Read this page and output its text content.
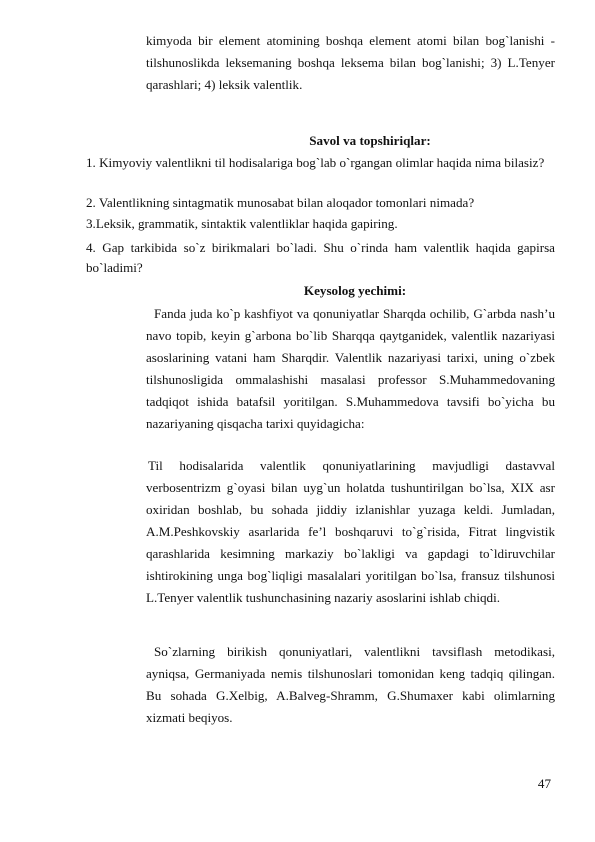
kimyoda bir element atomining boshqa element atomi bilan bog`lanishi - tilshunoslikda leksemaning boshqa leksema bilan bog`lanishi; 3) L.Tenyer qarashlari; 4) leksik valentlik.
Savol va topshiriqlar:
1. Kimyoviy valentlikni til hodisalariga bog`lab o`rgangan olimlar haqida nima bilasiz?
2. Valentlikning sintagmatik munosabat bilan aloqador tomonlari nimada?
3.Leksik, grammatik, sintaktik valentliklar haqida gapiring.
4. Gap tarkibida so`z birikmalari bo`ladi. Shu o`rinda ham valentlik haqida gapirsa bo`ladimi?
Keysolog yechimi:
Fanda juda ko`p kashfiyot va qonuniyatlar Sharqda ochilib, G`arbda nash’u navo topib, keyin g`arbona bo`lib Sharqqa qaytganidek, valentlik nazariyasi asoslarining vatani ham Sharqdir. Valentlik nazariyasi tarixi, uning o`zbek tilshunosligida ommalashishi masalasi professor S.Muhammedovaning tadqiqot ishida batafsil yoritilgan. S.Muhammedova tavsifi bo`yicha bu nazariyaning qisqacha tarixi quyidagicha:
Til hodisalarida valentlik qonuniyatlarining mavjudligi dastavval verbosentrizm g`oyasi bilan uyg`un holatda tushuntirilgan bo`lsa, XIX asr oxiridan boshlab, bu sohada jiddiy izlanishlar yuzaga keldi. Jumladan, A.M.Peshkovskiy asarlarida fe’l boshqaruvi to`g`risida, Fitrat lingvistik qarashlarida kesimning markaziy bo`lakligi va gapdagi to`ldiruvchilar ishtirokining unga bog`liqligi masalalari yoritilgan bo`lsa, fransuz tilshunosi L.Tenyer valentlik tushunchasining nazariy asoslarini ishlab chiqdi.
So`zlarning birikish qonuniyatlari, valentlikni tavsiflash metodikasi, ayniqsa, Germaniyada nemis tilshunoslari tomonidan keng tadqiq qilingan. Bu sohada G.Xelbig, A.Balveg-Shramm, G.Shumaxer kabi olimlarning xizmati beqiyos.
47
